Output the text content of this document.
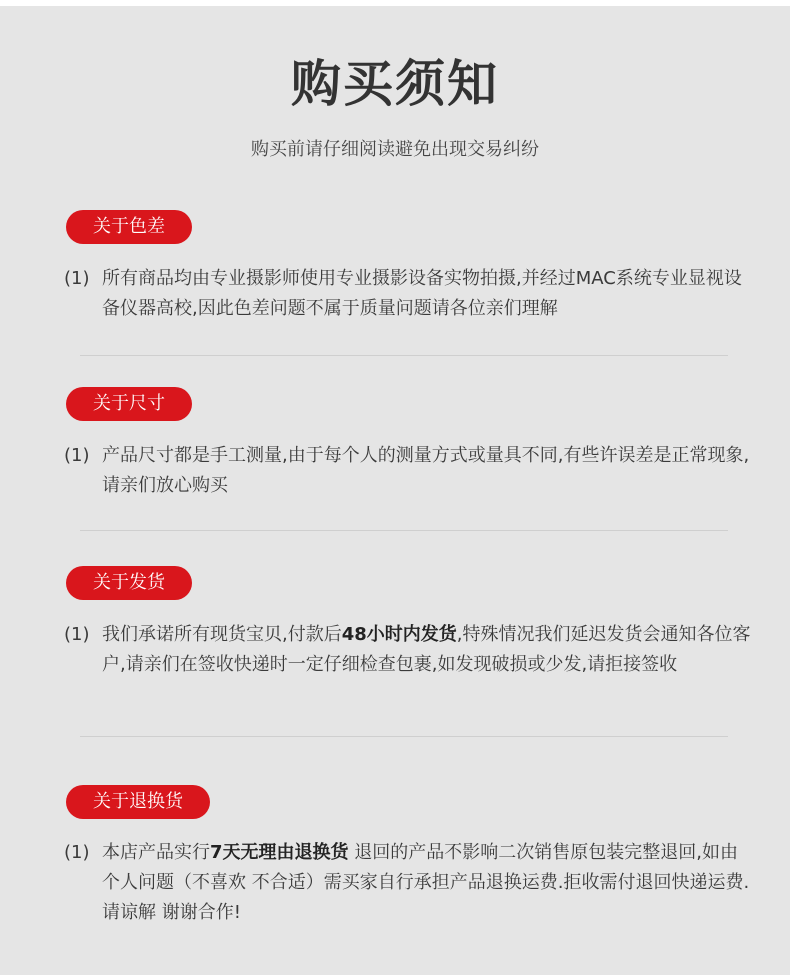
购买须知
购买前请仔细阅读避免出现交易纠纷
关于色差
(1) 所有商品均由专业摄影师使用专业摄影设备实物拍摄,并经过MAC系统专业显视设备仪器高校,因此色差问题不属于质量问题请各位亲们理解
关于尺寸
(1) 产品尺寸都是手工测量,由于每个人的测量方式或量具不同,有些许误差是正常现象,请亲们放心购买
关于发货
(1) 我们承诺所有现货宝贝,付款后48小时内发货,特殊情况我们延迟发货会通知各位客户,请亲们在签收快递时一定仔细检查包裹,如发现破损或少发,请拒接签收
关于退换货
(1) 本店产品实行7天无理由退换货 退回的产品不影响二次销售原包装完整退回,如由个人问题（不喜欢 不合适）需买家自行承担产品退换运费.拒收需付退回快递运费.请谅解 谢谢合作!
